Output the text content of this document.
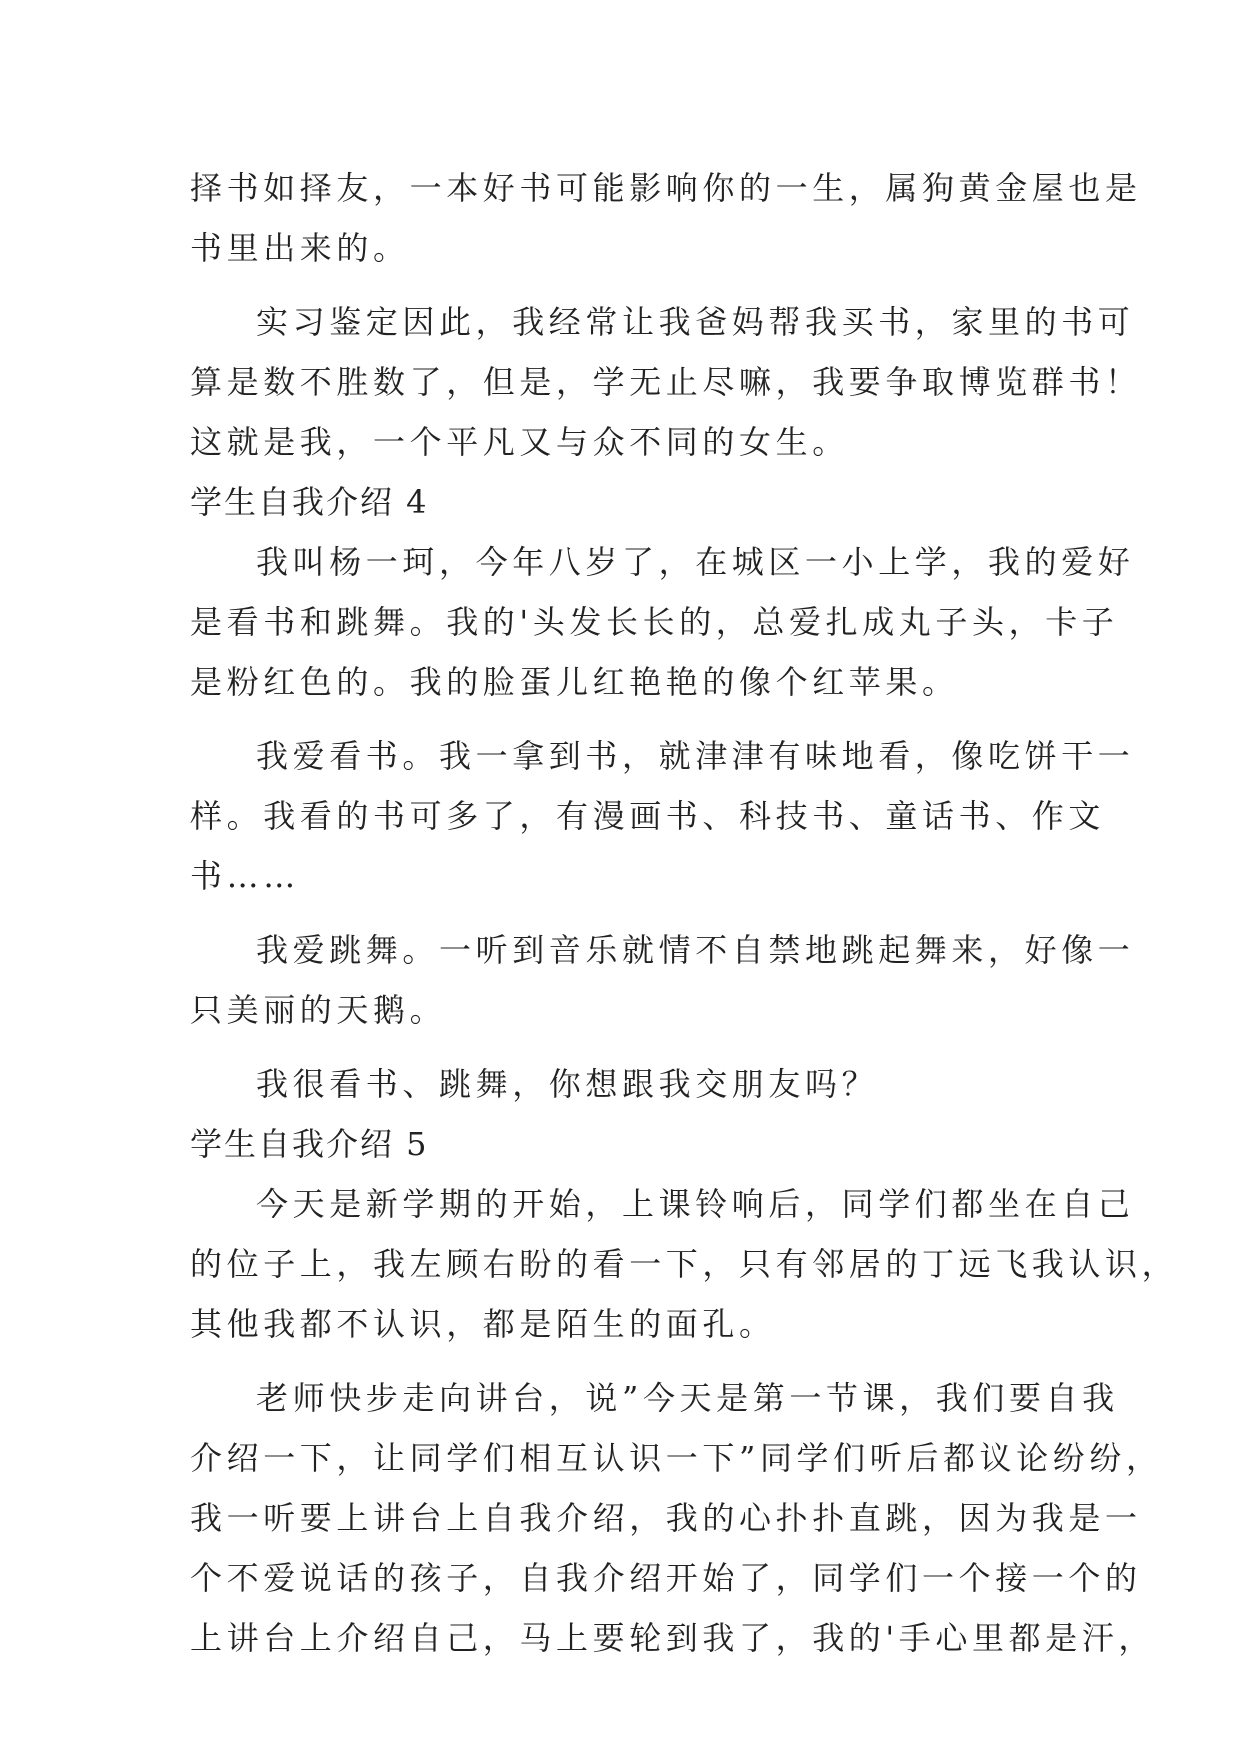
择书如择友，一本好书可能影响你的一生，属狗黄金屋也是
书里出来的。
实习鉴定因此，我经常让我爸妈帮我买书，家里的书可
算是数不胜数了，但是，学无止尽嘛，我要争取博览群书！
这就是我，一个平凡又与众不同的女生。
学生自我介绍 4
我叫杨一珂，今年八岁了，在城区一小上学，我的爱好
是看书和跳舞。我的'头发长长的，总爱扎成丸子头，卡子
是粉红色的。我的脸蛋儿红艳艳的像个红苹果。
我爱看书。我一拿到书，就津津有味地看，像吃饼干一
样。我看的书可多了，有漫画书、科技书、童话书、作文
书……
我爱跳舞。一听到音乐就情不自禁地跳起舞来，好像一
只美丽的天鹅。
我很看书、跳舞，你想跟我交朋友吗？
学生自我介绍 5
今天是新学期的开始，上课铃响后，同学们都坐在自己
的位子上，我左顾右盼的看一下，只有邻居的丁远飞我认识，
其他我都不认识，都是陌生的面孔。
老师快步走向讲台，说”今天是第一节课，我们要自我
介绍一下，让同学们相互认识一下”同学们听后都议论纷纷，
我一听要上讲台上自我介绍，我的心扑扑直跳，因为我是一
个不爱说话的孩子，自我介绍开始了，同学们一个接一个的
上讲台上介绍自己，马上要轮到我了，我的'手心里都是汗，
